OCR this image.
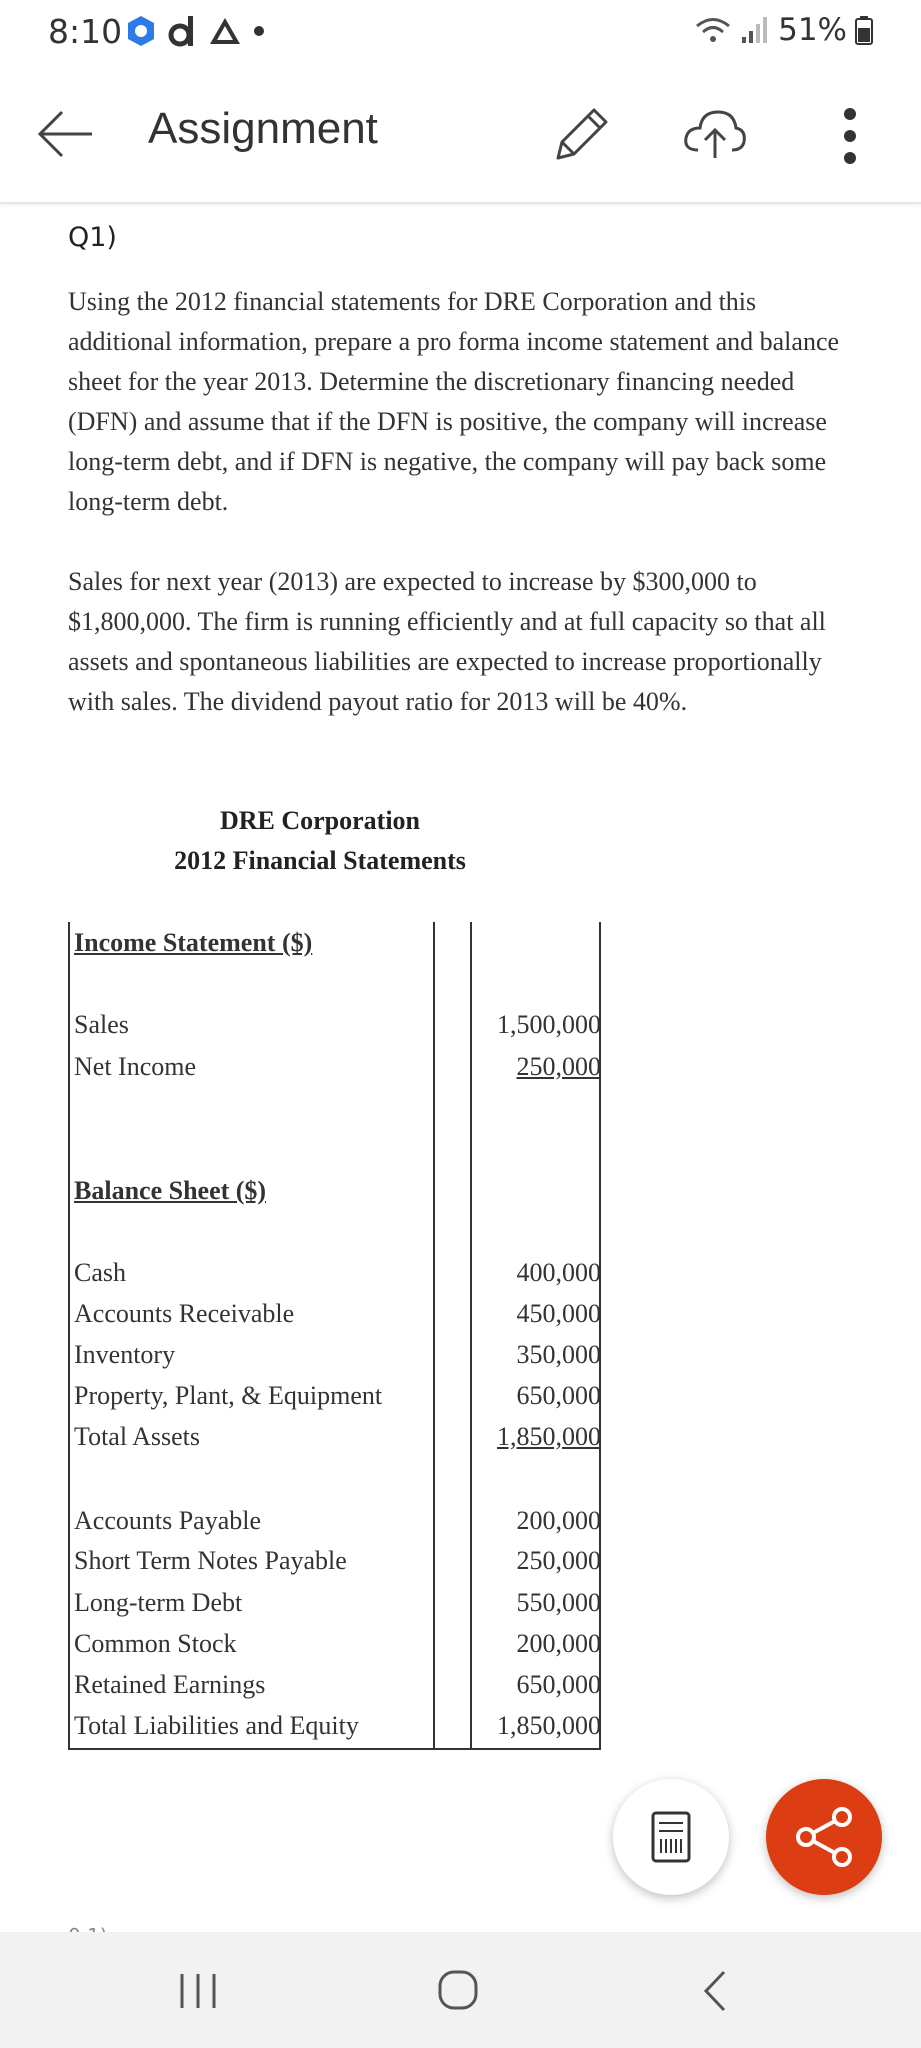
8:10	51%
Assignment
Q1)
Using the 2012 financial statements for DRE Corporation and this additional information, prepare a pro forma income statement and balance sheet for the year 2013. Determine the discretionary financing needed (DFN) and assume that if the DFN is positive, the company will increase long-term debt, and if DFN is negative, the company will pay back some long-term debt.
Sales for next year (2013) are expected to increase by $300,000 to $1,800,000. The firm is running efficiently and at full capacity so that all assets and spontaneous liabilities are expected to increase proportionally with sales. The dividend payout ratio for 2013 will be 40%.
DRE Corporation
2012 Financial Statements
Income Statement ($)
Sales	1,500,000
Net Income	250,000
Balance Sheet ($)
Cash	400,000
Accounts Receivable	450,000
Inventory	350,000
Property, Plant, & Equipment	650,000
Total Assets	1,850,000
Accounts Payable	200,000
Short Term Notes Payable	250,000
Long-term Debt	550,000
Common Stock	200,000
Retained Earnings	650,000
Total Liabilities and Equity	1,850,000
